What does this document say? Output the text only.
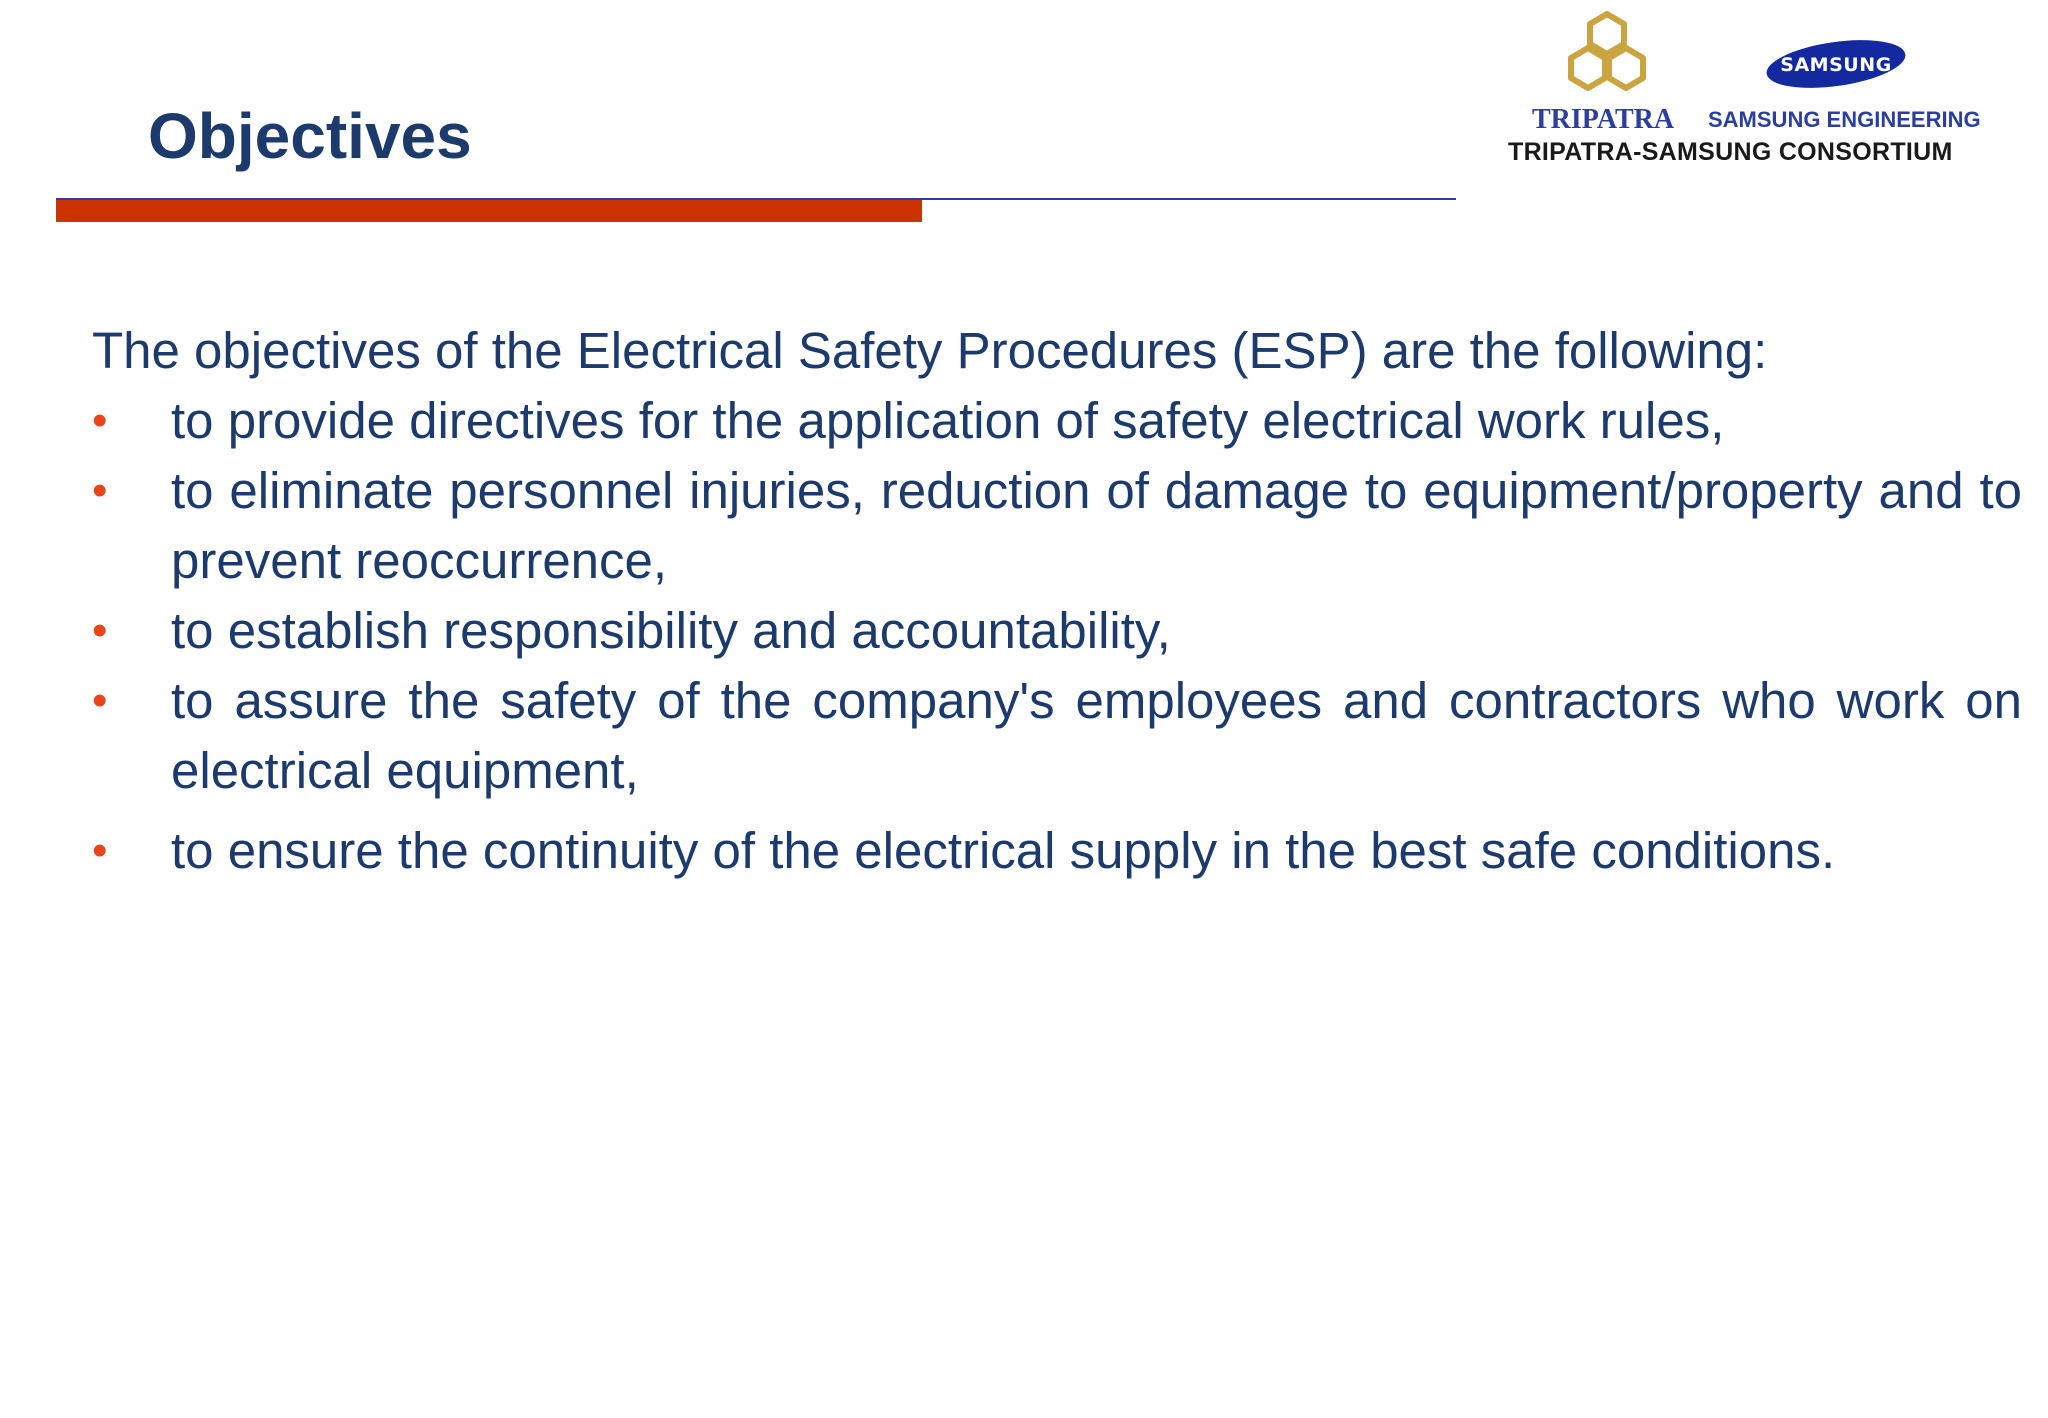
Objectives
SAMSUNG
TRIPATRA SAMSUNG ENGINEERING
TRIPATRA-SAMSUNG CONSORTIUM

The objectives of the Electrical Safety Procedures (ESP) are the following:

• to provide directives for the application of safety electrical work rules,
• to eliminate personnel injuries, reduction of damage to equipment/property and to prevent reoccurrence,
• to establish responsibility and accountability,
• to assure the safety of the company's employees and contractors who work on electrical equipment,
• to ensure the continuity of the electrical supply in the best safe conditions.
